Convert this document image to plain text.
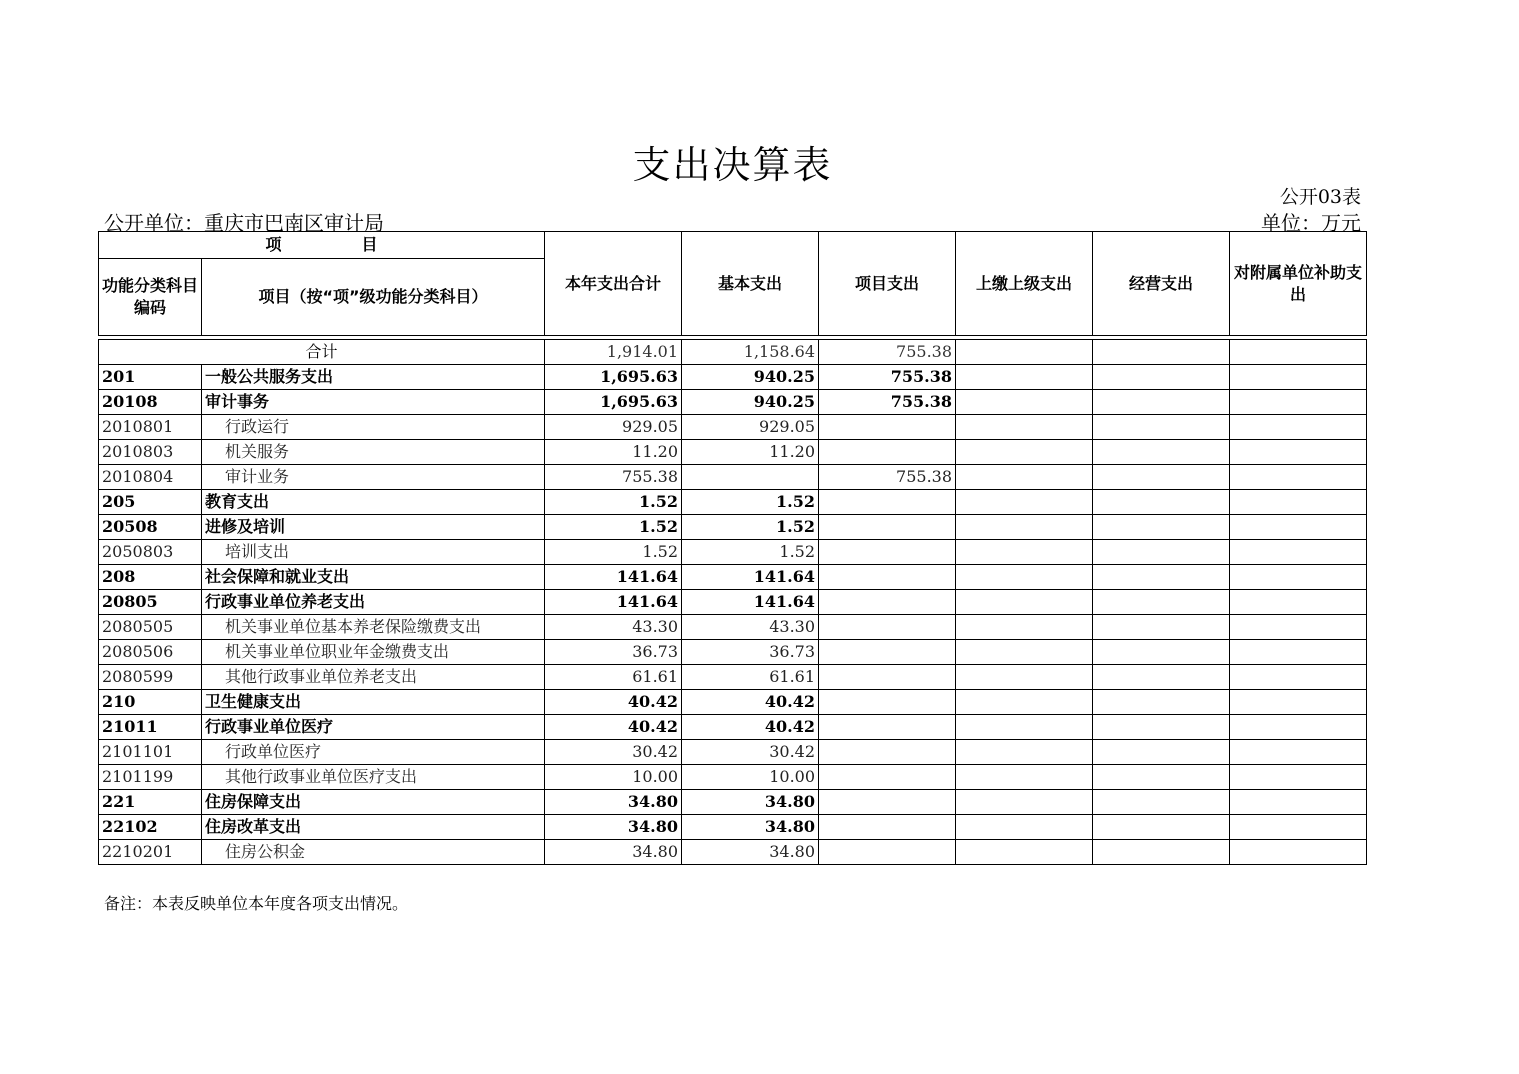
支出决算表
公开03表
公开单位：重庆市巴南区审计局	单位：万元
项　　　　　目		本年支出合计	基本支出	项目支出	上缴上级支出	经营支出	对附属单位补助支出
功能分类科目编码	项目（按“项”级功能分类科目）						

合计		1,914.01	1,158.64	755.38			
201	一般公共服务支出	1,695.63	940.25	755.38			
20108	审计事务	1,695.63	940.25	755.38			
2010801	行政运行	929.05	929.05				
2010803	机关服务	11.20	11.20				
2010804	审计业务	755.38		755.38			
205	教育支出	1.52	1.52				
20508	进修及培训	1.52	1.52				
2050803	培训支出	1.52	1.52				
208	社会保障和就业支出	141.64	141.64				
20805	行政事业单位养老支出	141.64	141.64				
2080505	机关事业单位基本养老保险缴费支出	43.30	43.30				
2080506	机关事业单位职业年金缴费支出	36.73	36.73				
2080599	其他行政事业单位养老支出	61.61	61.61				
210	卫生健康支出	40.42	40.42				
21011	行政事业单位医疗	40.42	40.42				
2101101	行政单位医疗	30.42	30.42				
2101199	其他行政事业单位医疗支出	10.00	10.00				
221	住房保障支出	34.80	34.80				
22102	住房改革支出	34.80	34.80				
2210201	住房公积金	34.80	34.80				
备注：本表反映单位本年度各项支出情况。
